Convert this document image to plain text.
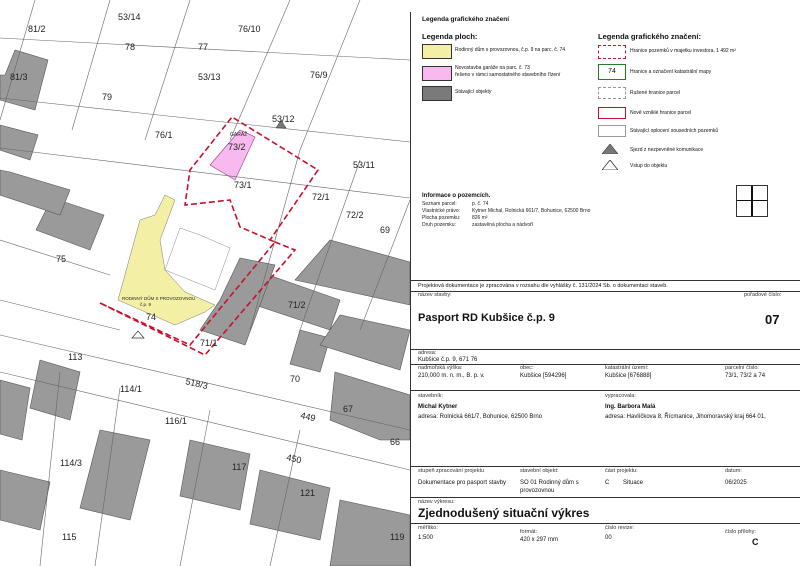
81/2
53/14
77
76/10
78
81/3
79
53/13	76/9
53/12
76/1
73/2
73/1
53/11
72/1
72/2
69
75
74
71/2
71/1
113
70
114/1	518/3
449
67
66
116/1
114/3	450
117
121
115	119
GARÁŽ
RODINNÝ DŮM S PROVOZOVNOU
č.p. 9
Legenda grafického značení
Legenda ploch:
Rodinný dům s provozovnou, č.p. 9 na parc. č. 74
Novostavba garáže na parc. č. 73
řešeno v rámci samostatného stavebního řízení
Stávající objekty
Legenda grafického značení:
Hranice pozemků v majetku investora, 1 492 m²
74	Hranice a označení katastrální mapy
Rušené hranice parcel
Nově vzniklé hranice parcel
Stávající oplocení sousedních pozemků
Sjezd z nezpevněné komunikace
Vstup do objektu
Informace o pozemcích.
Seznam parcel:	p. č. 74
Vlastnické právo: Kytner Michal, Rolnická 661/7, Bohunice, 62500 Brno
Plocha pozemku: 826 m²
Druh pozemku:	zastavěná plocha a nádvoří
Projektová dokumentace je zpracována v rozsahu dle vyhlášky č. 131/2024 Sb. o dokumentaci staveb.
název stavby:	pořadové číslo:
Pasport RD Kubšice č.p. 9	07
adresa:
Kubšice č.p. 9, 671 76
nadmořská výška:
210,000 m. n. m., B. p. v.
obec:
Kubšice [594296]
katastrální území:
Kubšice [676888]
parcelní číslo:
73/1, 73/2 a 74
stavebník:
Michal Kytner
adresa: Rolnická 661/7, Bohunice, 62500 Brno
vypracovala:
Ing. Barbora Malá
adresa: Havlíčkova 8, Řícmanice, Jihomoravský kraj 664 01,
stupeň zpracování projektu
Dokumentace pro pasport stavby
stavební objekt:
SO 01 Rodinný dům s
provozovnou
část projektu:
C Situace
datum:
06/2025
název výkresu:
Zjednodušený situační výkres
měřítko:
1:500
formát:
420 x 297 mm
číslo revize:
00
číslo přílohy:
C
